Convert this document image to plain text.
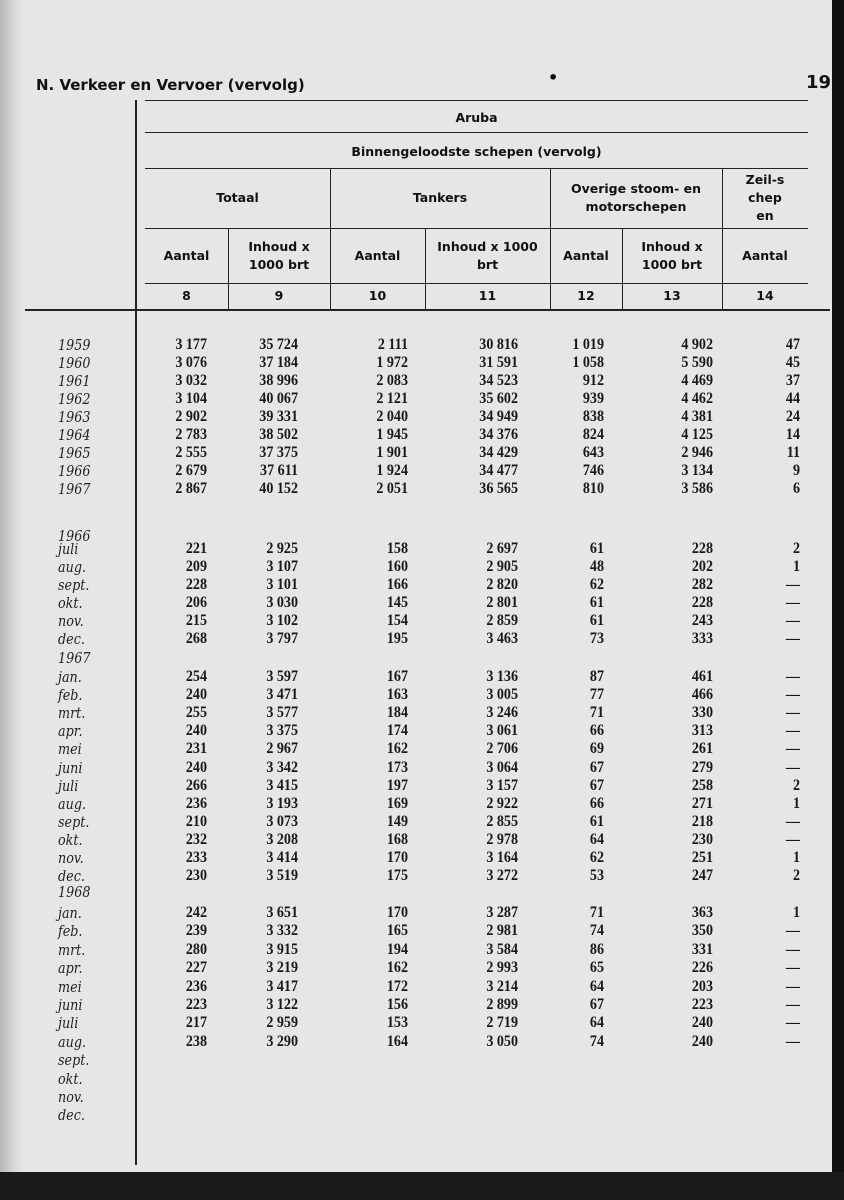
N. Verkeer en Vervoer (vervolg)	•	19
Aruba
Binnengeloodste schepen (vervolg)
Totaal	Tankers
Overige stoom- en motorschepen
Zeil-schepen
Aantal
8
Inhoud x 1000 brt
9
Aantal
10
Inhoud x 1000 brt
11
Aantal
12
Inhoud x 1000 brt
13
Aantal
14
1959	3 177	35 724	2 111	30 816	1 019	4 902	47
1960	3 076	37 184	1 972	31 591	1 058	5 590	45
1961	3 032	38 996	2 083	34 523	912	4 469	37
1962	3 104	40 067	2 121	35 602	939	4 462	44
1963	2 902	39 331	2 040	34 949	838	4 381	24
1964	2 783	38 502	1 945	34 376	824	4 125	14
1965	2 555	37 375	1 901	34 429	643	2 946	11
1966	2 679	37 611	1 924	34 477	746	3 134	9
1967	2 867	40 152	2 051	36 565	810	3 586	6
1966
juli	221	2 925	158	2 697	61	228	2
aug.	209	3 107	160	2 905	48	202	1
sept.	228	3 101	166	2 820	62	282	—
okt.	206	3 030	145	2 801	61	228	—
nov.	215	3 102	154	2 859	61	243	—
dec.	268	3 797	195	3 463	73	333	—
1967
jan.	254	3 597	167	3 136	87	461	—
feb.	240	3 471	163	3 005	77	466	—
mrt.	255	3 577	184	3 246	71	330	—
apr.	240	3 375	174	3 061	66	313	—
mei	231	2 967	162	2 706	69	261	—
juni	240	3 342	173	3 064	67	279	—
juli	266	3 415	197	3 157	67	258	2
aug.	236	3 193	169	2 922	66	271	1
sept.	210	3 073	149	2 855	61	218	—
okt.	232	3 208	168	2 978	64	230	—
nov.	233	3 414	170	3 164	62	251	1
dec.	230	3 519	175	3 272	53	247	2
1968
jan.	242	3 651	170	3 287	71	363	1
feb.	239	3 332	165	2 981	74	350	—
mrt.	280	3 915	194	3 584	86	331	—
apr.	227	3 219	162	2 993	65	226	—
mei	236	3 417	172	3 214	64	203	—
juni	223	3 122	156	2 899	67	223	—
juli	217	2 959	153	2 719	64	240	—
aug.	238	3 290	164	3 050	74	240	—
sept.
okt.
nov.
dec.
